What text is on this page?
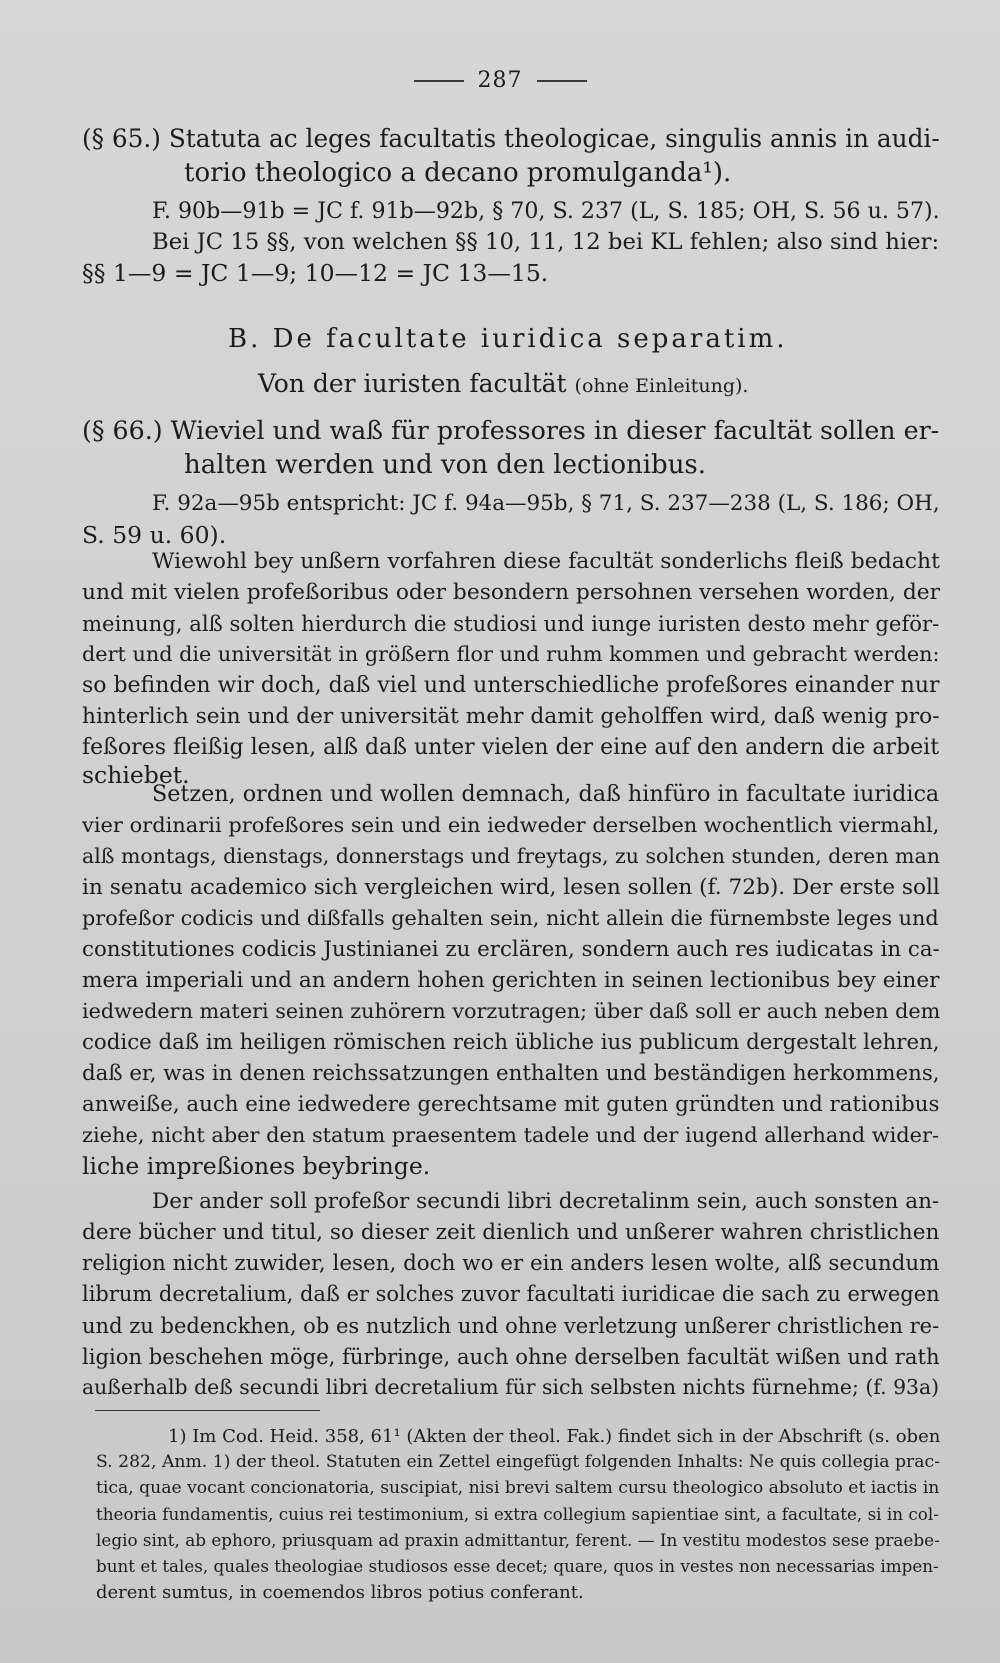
287
(§ 65.) Statuta ac leges facultatis theologicae, singulis annis in audi-
torio theologico a decano promulganda¹).
F. 90b—91b = JC f. 91b—92b, § 70, S. 237 (L, S. 185; OH, S. 56 u. 57).
Bei JC 15 §§, von welchen §§ 10, 11, 12 bei KL fehlen; also sind hier:
§§ 1—9 = JC 1—9; 10—12 = JC 13—15.
B. De facultate iuridica separatim.
Von der iuristen facultät (ohne Einleitung).
(§ 66.) Wieviel und waß für professores in dieser facultät sollen er-
halten werden und von den lectionibus.
F. 92a—95b entspricht: JC f. 94a—95b, § 71, S. 237—238 (L, S. 186; OH,
S. 59 u. 60).
Wiewohl bey unßern vorfahren diese facultät sonderlichs fleiß bedacht
und mit vielen profeßoribus oder besondern persohnen versehen worden, der
meinung, alß solten hierdurch die studiosi und iunge iuristen desto mehr geför-
dert und die universität in größern flor und ruhm kommen und gebracht werden:
so befinden wir doch, daß viel und unterschiedliche profeßores einander nur
hinterlich sein und der universität mehr damit geholffen wird, daß wenig pro-
feßores fleißig lesen, alß daß unter vielen der eine auf den andern die arbeit
schiebet.
Setzen, ordnen und wollen demnach, daß hinfüro in facultate iuridica
vier ordinarii profeßores sein und ein iedweder derselben wochentlich viermahl,
alß montags, dienstags, donnerstags und freytags, zu solchen stunden, deren man
in senatu academico sich vergleichen wird, lesen sollen (f. 72b). Der erste soll
profeßor codicis und dißfalls gehalten sein, nicht allein die fürnembste leges und
constitutiones codicis Justinianei zu erclären, sondern auch res iudicatas in ca-
mera imperiali und an andern hohen gerichten in seinen lectionibus bey einer
iedwedern materi seinen zuhörern vorzutragen; über daß soll er auch neben dem
codice daß im heiligen römischen reich übliche ius publicum dergestalt lehren,
daß er, was in denen reichssatzungen enthalten und beständigen herkommens,
anweiße, auch eine iedwedere gerechtsame mit guten gründten und rationibus
ziehe, nicht aber den statum praesentem tadele und der iugend allerhand wider-
liche impreßiones beybringe.
Der ander soll profeßor secundi libri decretalinm sein, auch sonsten an-
dere bücher und titul, so dieser zeit dienlich und unßerer wahren christlichen
religion nicht zuwider, lesen, doch wo er ein anders lesen wolte, alß secundum
librum decretalium, daß er solches zuvor facultati iuridicae die sach zu erwegen
und zu bedenckhen, ob es nutzlich und ohne verletzung unßerer christlichen re-
ligion beschehen möge, fürbringe, auch ohne derselben facultät wißen und rath
außerhalb deß secundi libri decretalium für sich selbsten nichts fürnehme; (f. 93a)
1) Im Cod. Heid. 358, 61¹ (Akten der theol. Fak.) findet sich in der Abschrift (s. oben
S. 282, Anm. 1) der theol. Statuten ein Zettel eingefügt folgenden Inhalts: Ne quis collegia prac-
tica, quae vocant concionatoria, suscipiat, nisi brevi saltem cursu theologico absoluto et iactis in
theoria fundamentis, cuius rei testimonium, si extra collegium sapientiae sint, a facultate, si in col-
legio sint, ab ephoro, priusquam ad praxin admittantur, ferent. — In vestitu modestos sese praebe-
bunt et tales, quales theologiae studiosos esse decet; quare, quos in vestes non necessarias impen-
derent sumtus, in coemendos libros potius conferant.
